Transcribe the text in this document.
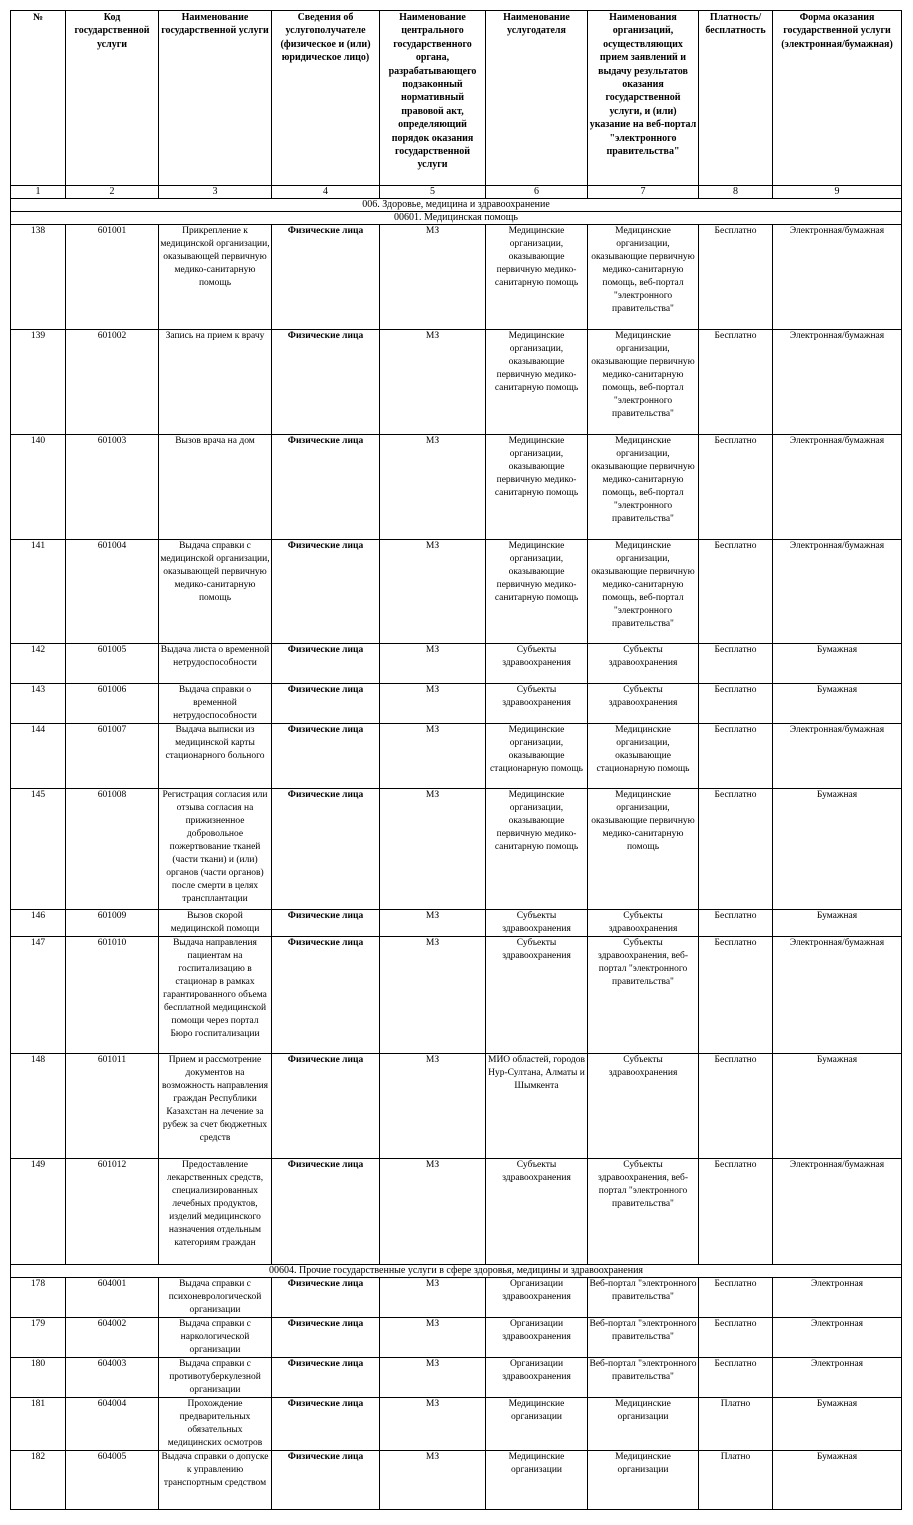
№	Код государственной услуги	Наименование государственной услуги	Сведения об услугополучателе (физическое и (или) юридическое лицо)	Наименование центрального государственного органа, разрабатывающего подзаконный нормативный правовой акт, определяющий порядок оказания государственной услуги	Наименование услугодателя	Наименования организаций, осуществляющих прием заявлений и выдачу результатов оказания государственной услуги, и (или) указание на веб-портал "электронного правительства"	Платность/ бесплатность	Форма оказания государственной услуги (электронная/бумажная)
1	2	3	4	5	6	7	8	9
006. Здоровье, медицина и здравоохранение								
00601. Медицинская помощь								
138	601001	Прикрепление к медицинской организации, оказывающей первичную медико-санитарную помощь	Физические лица	МЗ	Медицинские организации, оказывающие первичную медико-санитарную помощь	Медицинские организации, оказывающие первичную медико-санитарную помощь, веб-портал "электронного правительства"	Бесплатно	Электронная/бумажная
139	601002	Запись на прием к врачу	Физические лица	МЗ	Медицинские организации, оказывающие первичную медико-санитарную помощь	Медицинские организации, оказывающие первичную медико-санитарную помощь, веб-портал "электронного правительства"	Бесплатно	Электронная/бумажная
140	601003	Вызов врача на дом	Физические лица	МЗ	Медицинские организации, оказывающие первичную медико-санитарную помощь	Медицинские организации, оказывающие первичную медико-санитарную помощь, веб-портал "электронного правительства"	Бесплатно	Электронная/бумажная
141	601004	Выдача справки с медицинской организации, оказывающей первичную медико-санитарную помощь	Физические лица	МЗ	Медицинские организации, оказывающие первичную медико-санитарную помощь	Медицинские организации, оказывающие первичную медико-санитарную помощь, веб-портал "электронного правительства"	Бесплатно	Электронная/бумажная
142	601005	Выдача листа о временной нетрудоспособности	Физические лица	МЗ	Субъекты здравоохранения	Субъекты здравоохранения	Бесплатно	Бумажная
143	601006	Выдача справки о временной нетрудоспособности	Физические лица	МЗ	Субъекты здравоохранения	Субъекты здравоохранения	Бесплатно	Бумажная
144	601007	Выдача выписки из медицинской карты стационарного больного	Физические лица	МЗ	Медицинские организации, оказывающие стационарную помощь	Медицинские организации, оказывающие стационарную помощь	Бесплатно	Электронная/бумажная
145	601008	Регистрация согласия или отзыва согласия на прижизненное добровольное пожертвование тканей (части ткани) и (или) органов (части органов) после смерти в целях трансплантации	Физические лица	МЗ	Медицинские организации, оказывающие первичную медико-санитарную помощь	Медицинские организации, оказывающие первичную медико-санитарную помощь	Бесплатно	Бумажная
146	601009	Вызов скорой медицинской помощи	Физические лица	МЗ	Субъекты здравоохранения	Субъекты здравоохранения	Бесплатно	Бумажная
147	601010	Выдача направления пациентам на госпитализацию в стационар в рамках гарантированного объема бесплатной медицинской помощи через портал Бюро госпитализации	Физические лица	МЗ	Субъекты здравоохранения	Субъекты здравоохранения, веб-портал "электронного правительства"	Бесплатно	Электронная/бумажная
148	601011	Прием и рассмотрение документов на возможность направления граждан Республики Казахстан на лечение за рубеж за счет бюджетных средств	Физические лица	МЗ	МИО областей, городов Нур-Султана, Алматы и Шымкента	Субъекты здравоохранения	Бесплатно	Бумажная
149	601012	Предоставление лекарственных средств, специализированных лечебных продуктов, изделий медицинского назначения отдельным категориям граждан	Физические лица	МЗ	Субъекты здравоохранения	Субъекты здравоохранения, веб-портал "электронного правительства"	Бесплатно	Электронная/бумажная
00604. Прочие государственные услуги в сфере здоровья, медицины и здравоохранения								
178	604001	Выдача справки с психоневрологической организации	Физические лица	МЗ	Организации здравоохранения	Веб-портал "электронного правительства"	Бесплатно	Электронная
179	604002	Выдача справки с наркологической организации	Физические лица	МЗ	Организации здравоохранения	Веб-портал "электронного правительства"	Бесплатно	Электронная
180	604003	Выдача справки с противотуберкулезной организации	Физические лица	МЗ	Организации здравоохранения	Веб-портал "электронного правительства"	Бесплатно	Электронная
181	604004	Прохождение предварительных обязательных медицинских осмотров	Физические лица	МЗ	Медицинские организации	Медицинские организации	Платно	Бумажная
182	604005	Выдача справки о допуске к управлению транспортным средством	Физические лица	МЗ	Медицинские организации	Медицинские организации	Платно	Бумажная
